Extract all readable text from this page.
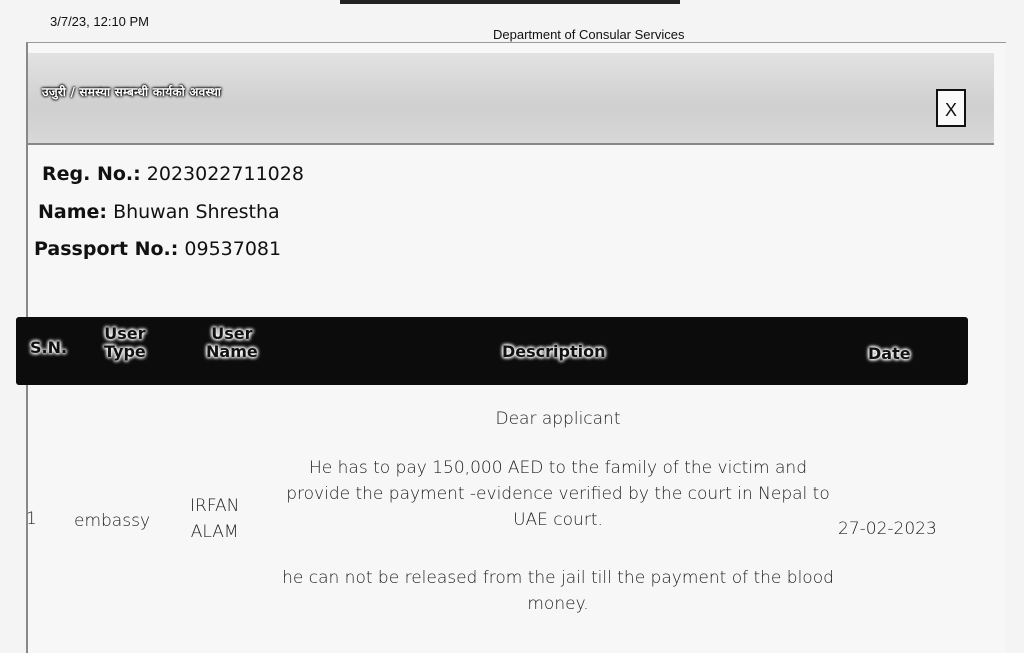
3/7/23, 12:10 PM
Department of Consular Services
उजुरी / समस्या सम्बन्धी कार्यको अवस्था
X
Reg. No.: 2023022711028
Name: Bhuwan Shrestha
Passport No.: 09537081
S.N.
User
Type
User
Name	Description	Date
1 embassy
IRFAN
ALAM
Dear applicant
He has to pay 150,000 AED to the family of the victim and provide the payment -evidence verified by the court in Nepal to UAE court.
he can not be released from the jail till the payment of the blood money.
27-02-2023
